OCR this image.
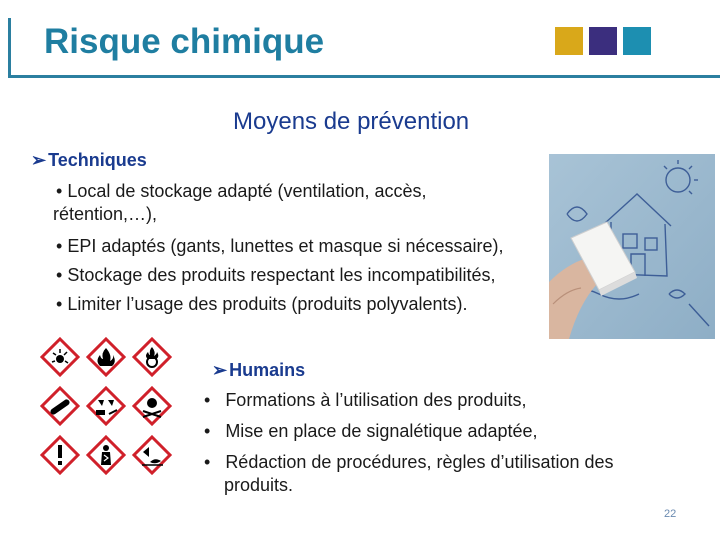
Risque chimique
Moyens de prévention
➢ Techniques
• Local de stockage adapté (ventilation, accès,
rétention,…),
• EPI adaptés (gants, lunettes et masque si nécessaire),
• Stockage des produits respectant les incompatibilités,
• Limiter l’usage des produits (produits polyvalents).
➢ Humains
•   Formations à l’utilisation des produits,
•   Mise en place de signalétique adaptée,
•   Rédaction de procédures, règles d’utilisation des
produits.
22
